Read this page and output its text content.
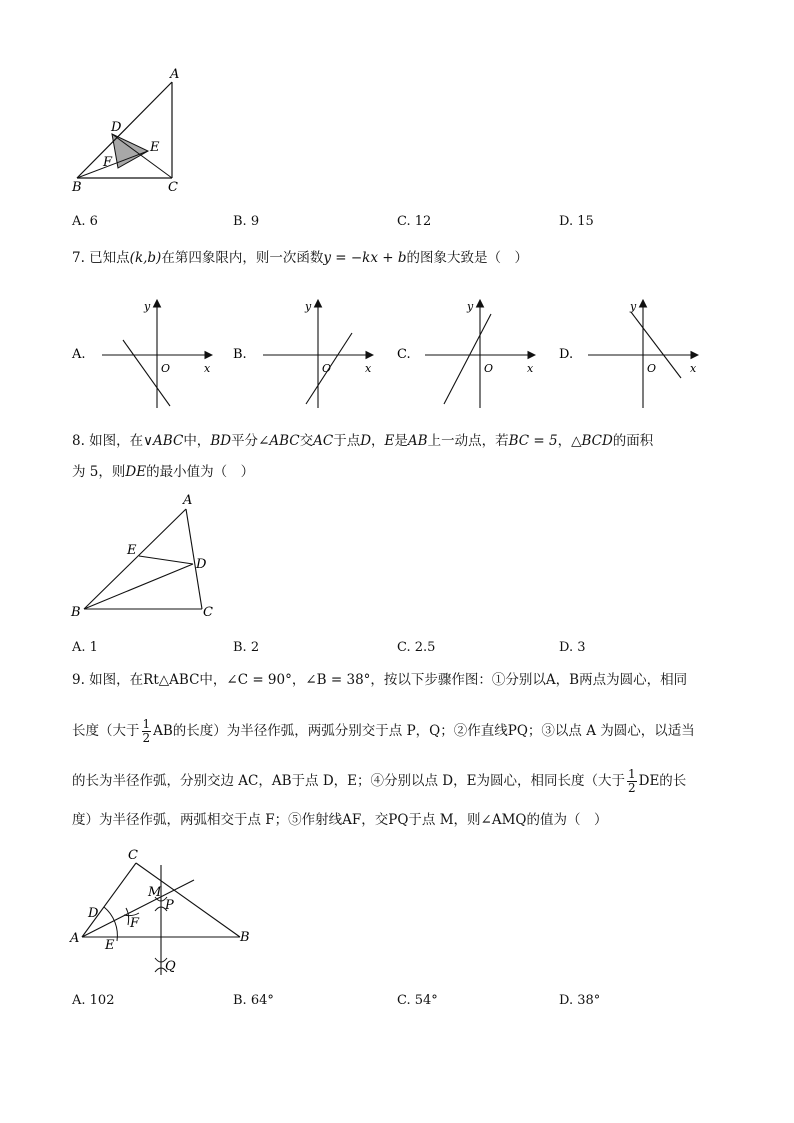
A
D
E
F
B	C
A. 6	B. 9	C. 12	D. 15
7. 已知点(k,b)在第四象限内，则一次函数y = −kx + b的图象大致是（　）
A.
y
x
O
B.
y
x
O
C.
y
x
O
D.
y
x
O
8. 如图，在∨ABC中，BD平分∠ABC交AC于点D，E是AB上一动点，若BC = 5，△BCD的面积
为 5，则DE的最小值为（　）
A
E
D
B	C
A. 1	B. 2	C. 2.5	D. 3
9. 如图，在Rt△ABC中，∠C = 90°，∠B = 38°，按以下步骤作图：①分别以A，B两点为圆心，相同
长度（大于 $\frac{1}{2}$ AB的长度）为半径作弧，两弧分别交于点 P，Q；②作直线PQ；③以点 A 为圆心，以适当
的长为半径作弧，分别交边 AC，AB于点 D，E；④分别以点 D，E为圆心，相同长度（大于 $\frac{1}{2}$ DE的长
度）为半径作弧，两弧相交于点 F；⑤作射线AF，交PQ于点 M，则∠AMQ的值为（　）
C
M
P
D
F
A E
B
Q
A. 102	B. 64°	C. 54°	D. 38°
